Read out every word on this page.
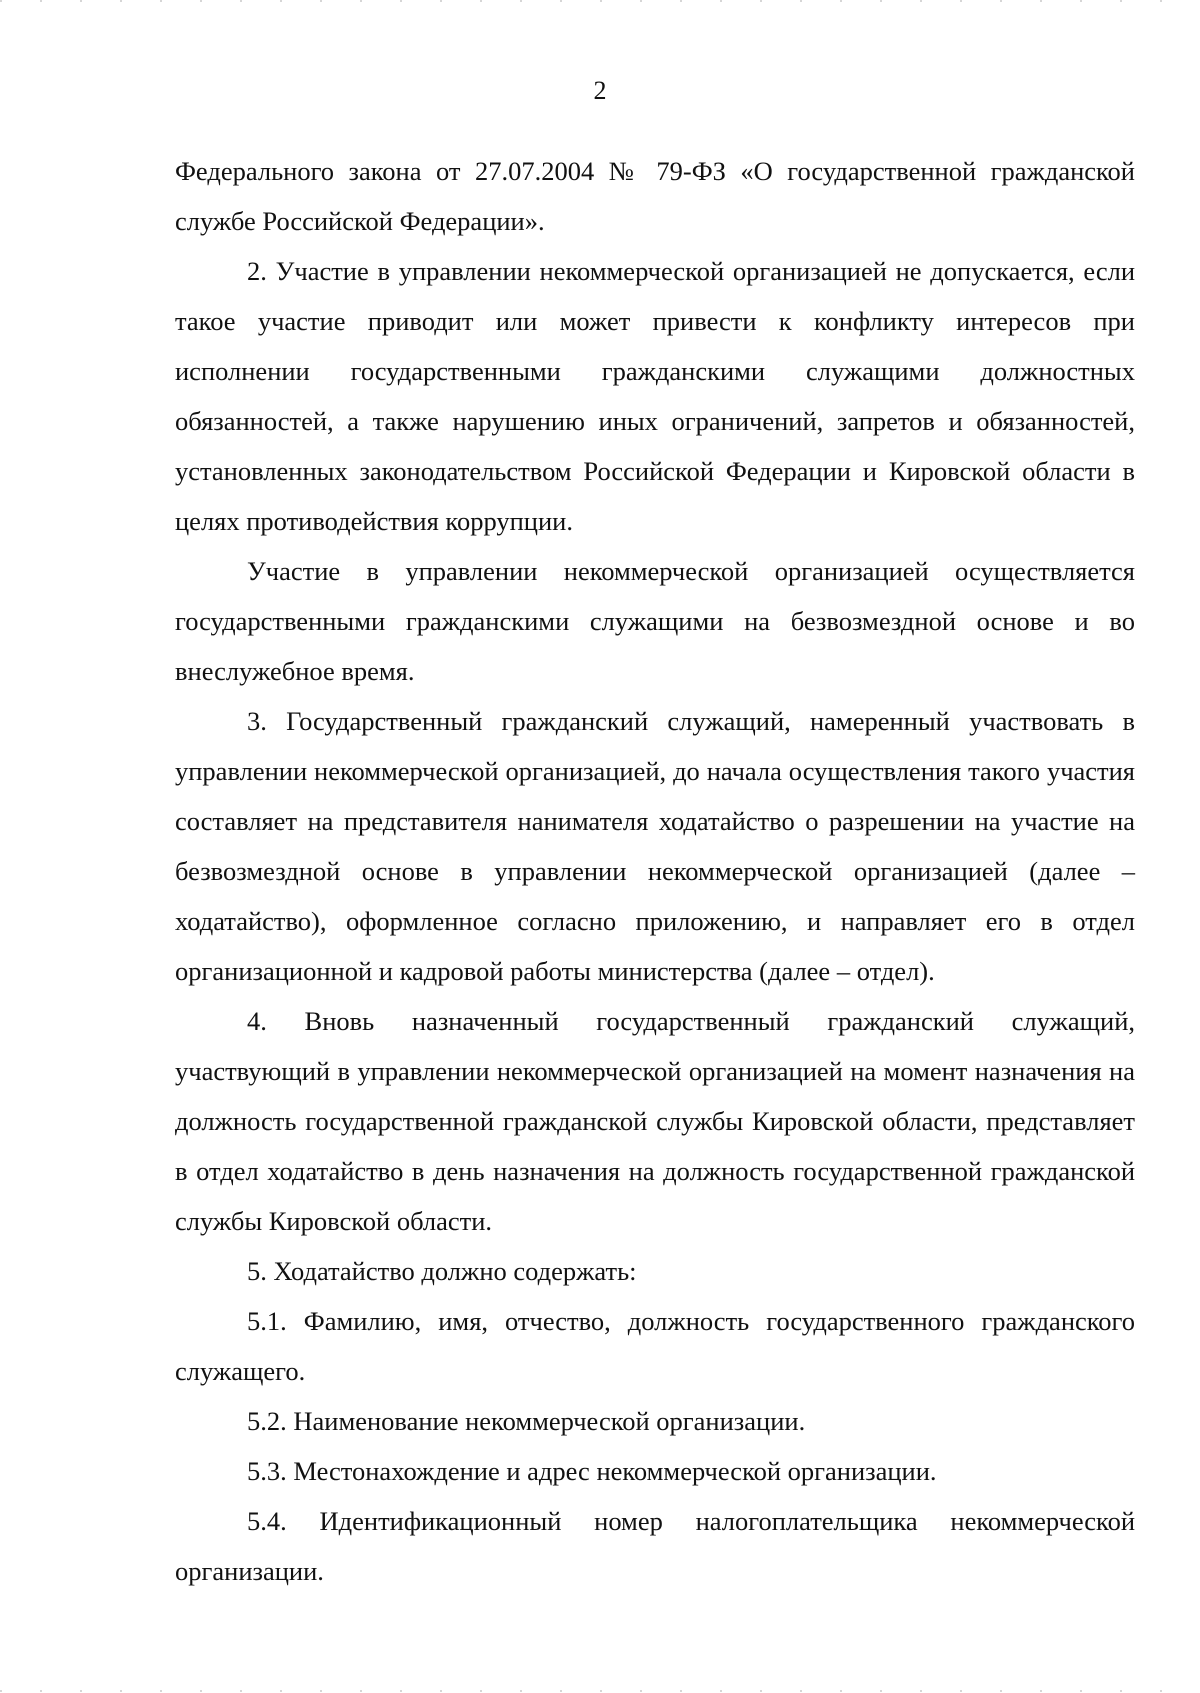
2

Федерального закона от 27.07.2004 № 79-ФЗ «О государственной гражданской службе Российской Федерации».

2. Участие в управлении некоммерческой организацией не допускается, если такое участие приводит или может привести к конфликту интересов при исполнении государственными гражданскими служащими должностных обязанностей, а также нарушению иных ограничений, запретов и обязанностей, установленных законодательством Российской Федерации и Кировской области в целях противодействия коррупции.

Участие в управлении некоммерческой организацией осуществляется государственными гражданскими служащими на безвозмездной основе и во внеслужебное время.

3. Государственный гражданский служащий, намеренный участвовать в управлении некоммерческой организацией, до начала осуществления такого участия составляет на представителя нанимателя ходатайство о разрешении на участие на безвозмездной основе в управлении некоммерческой организацией (далее – ходатайство), оформленное согласно приложению, и направляет его в отдел организационной и кадровой работы министерства (далее – отдел).

4. Вновь назначенный государственный гражданский служащий, участвующий в управлении некоммерческой организацией на момент назначения на должность государственной гражданской службы Кировской области, представляет в отдел ходатайство в день назначения на должность государственной гражданской службы Кировской области.

5. Ходатайство должно содержать:

5.1. Фамилию, имя, отчество, должность государственного гражданского служащего.

5.2. Наименование некоммерческой организации.

5.3. Местонахождение и адрес некоммерческой организации.

5.4. Идентификационный номер налогоплательщика некоммерческой организации.
